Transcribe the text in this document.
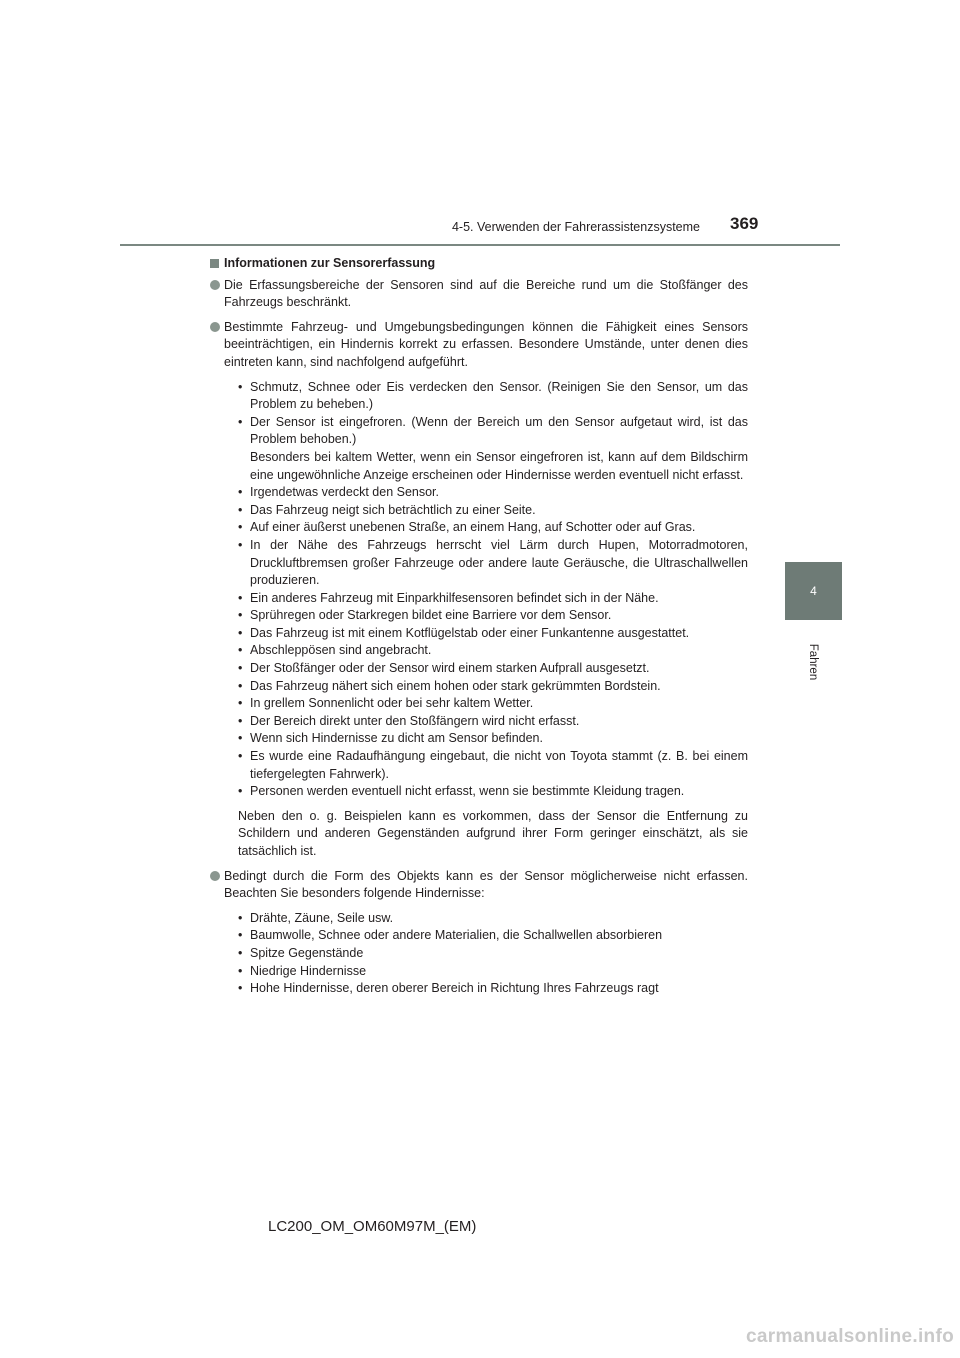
4-5. Verwenden der Fahrerassistenzsysteme 369
4
Fahren
Informationen zur Sensorerfassung
Die Erfassungsbereiche der Sensoren sind auf die Bereiche rund um die Stoßfänger des Fahrzeugs beschränkt.
Bestimmte Fahrzeug- und Umgebungsbedingungen können die Fähigkeit eines Sensors beeinträchtigen, ein Hindernis korrekt zu erfassen. Besondere Umstände, unter denen dies eintreten kann, sind nachfolgend aufgeführt.
• Schmutz, Schnee oder Eis verdecken den Sensor. (Reinigen Sie den Sensor, um das Problem zu beheben.)
• Der Sensor ist eingefroren. (Wenn der Bereich um den Sensor aufgetaut wird, ist das Problem behoben.)
Besonders bei kaltem Wetter, wenn ein Sensor eingefroren ist, kann auf dem Bildschirm eine ungewöhnliche Anzeige erscheinen oder Hindernisse werden eventuell nicht erfasst.
• Irgendetwas verdeckt den Sensor.
• Das Fahrzeug neigt sich beträchtlich zu einer Seite.
• Auf einer äußerst unebenen Straße, an einem Hang, auf Schotter oder auf Gras.
• In der Nähe des Fahrzeugs herrscht viel Lärm durch Hupen, Motorradmotoren, Druckluftbremsen großer Fahrzeuge oder andere laute Geräusche, die Ultraschallwellen produzieren.
• Ein anderes Fahrzeug mit Einparkhilfesensoren befindet sich in der Nähe.
• Sprühregen oder Starkregen bildet eine Barriere vor dem Sensor.
• Das Fahrzeug ist mit einem Kotflügelstab oder einer Funkantenne ausgestattet.
• Abschleppösen sind angebracht.
• Der Stoßfänger oder der Sensor wird einem starken Aufprall ausgesetzt.
• Das Fahrzeug nähert sich einem hohen oder stark gekrümmten Bordstein.
• In grellem Sonnenlicht oder bei sehr kaltem Wetter.
• Der Bereich direkt unter den Stoßfängern wird nicht erfasst.
• Wenn sich Hindernisse zu dicht am Sensor befinden.
• Es wurde eine Radaufhängung eingebaut, die nicht von Toyota stammt (z. B. bei einem tiefergelegten Fahrwerk).
• Personen werden eventuell nicht erfasst, wenn sie bestimmte Kleidung tragen.
Neben den o. g. Beispielen kann es vorkommen, dass der Sensor die Entfernung zu Schildern und anderen Gegenständen aufgrund ihrer Form geringer einschätzt, als sie tatsächlich ist.
Bedingt durch die Form des Objekts kann es der Sensor möglicherweise nicht erfassen. Beachten Sie besonders folgende Hindernisse:
• Drähte, Zäune, Seile usw.
• Baumwolle, Schnee oder andere Materialien, die Schallwellen absorbieren
• Spitze Gegenstände
• Niedrige Hindernisse
• Hohe Hindernisse, deren oberer Bereich in Richtung Ihres Fahrzeugs ragt
LC200_OM_OM60M97M_(EM)
carmanualsonline.info
